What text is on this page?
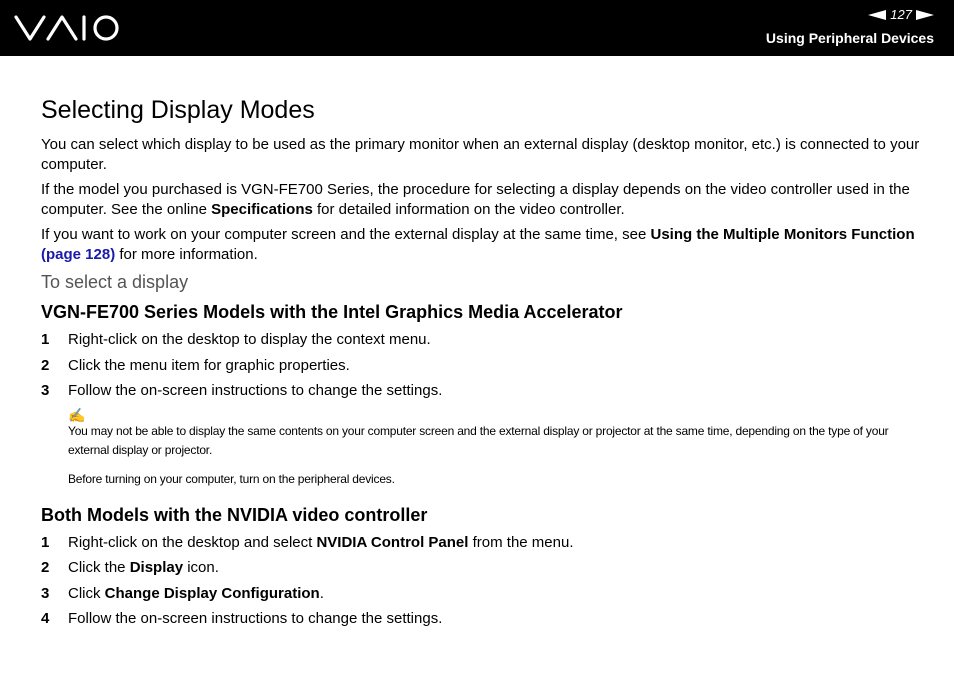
127
Using Peripheral Devices
Selecting Display Modes

You can select which display to be used as the primary monitor when an external display (desktop monitor, etc.) is connected to your computer.

If the model you purchased is VGN-FE700 Series, the procedure for selecting a display depends on the video controller used in the computer. See the online Specifications for detailed information on the video controller.

If you want to work on your computer screen and the external display at the same time, see Using the Multiple Monitors Function (page 128) for more information.

To select a display
VGN-FE700 Series Models with the Intel Graphics Media Accelerator
1	Right-click on the desktop to display the context menu.
2	Click the menu item for graphic properties.
3	Follow the on-screen instructions to change the settings.
✍

You may not be able to display the same contents on your computer screen and the external display or projector at the same time, depending on the type of your external display or projector.

Before turning on your computer, turn on the peripheral devices.

Both Models with the NVIDIA video controller
1	Right-click on the desktop and select NVIDIA Control Panel from the menu.
2	Click the Display icon.
3	Click Change Display Configuration.
4	Follow the on-screen instructions to change the settings.
